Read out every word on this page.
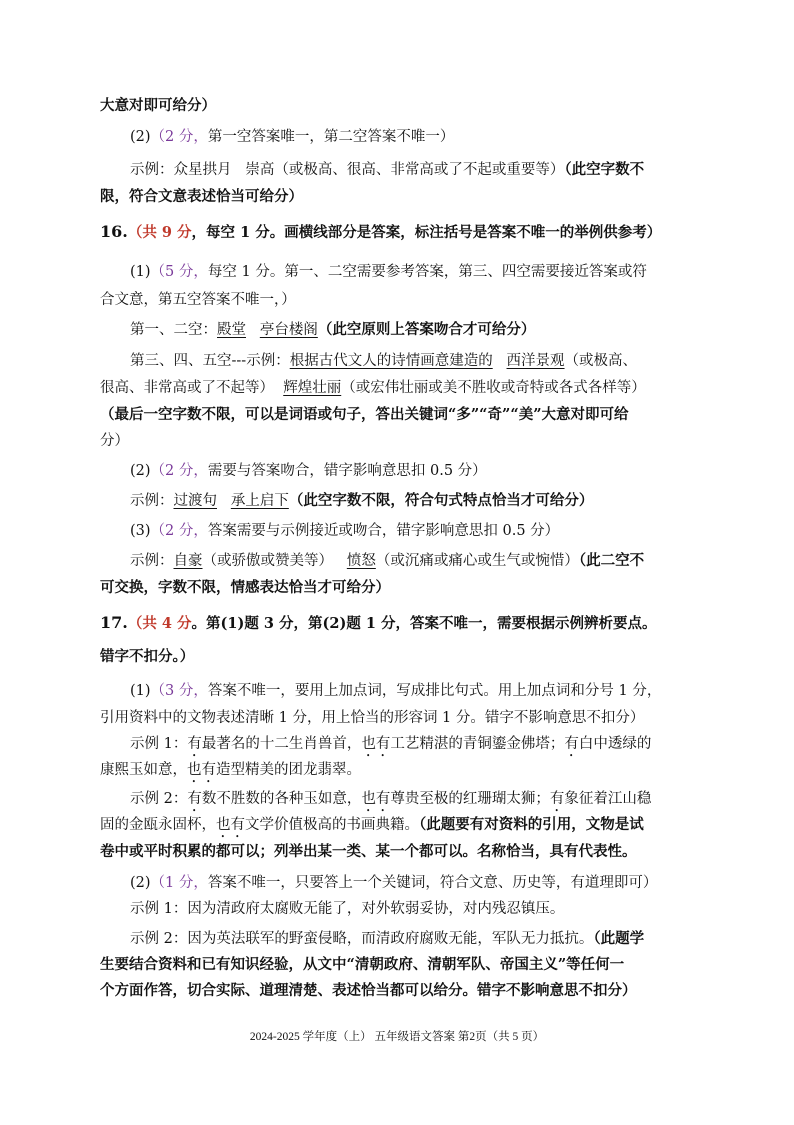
大意对即可给分）
(2)（2 分，第一空答案唯一，第二空答案不唯一）
示例：众星拱月 崇高（或极高、很高、非常高或了不起或重要等）（此空字数不
限，符合文意表述恰当可给分）
16.（共 9 分，每空 1 分。画横线部分是答案，标注括号是答案不唯一的举例供参考）
(1)（5 分，每空 1 分。第一、二空需要参考答案，第三、四空需要接近答案或符
合文意，第五空答案不唯一，）
第一、二空：殿堂 亭台楼阁（此空原则上答案吻合才可给分）
第三、四、五空---示例：根据古代文人的诗情画意建造的 西洋景观（或极高、
很高、非常高或了不起等） 辉煌壮丽（或宏伟壮丽或美不胜收或奇特或各式各样等）
（最后一空字数不限，可以是词语或句子，答出关键词“多”“奇”“美”大意对即可给
分）
(2)（2 分，需要与答案吻合，错字影响意思扣 0.5 分）
示例：过渡句 承上启下（此空字数不限，符合句式特点恰当才可给分）
(3)（2 分，答案需要与示例接近或吻合，错字影响意思扣 0.5 分）
示例：自豪（或骄傲或赞美等） 愤怒（或沉痛或痛心或生气或惋惜）（此二空不
可交换，字数不限，情感表达恰当才可给分）
17.（共 4 分。第(1)题 3 分，第(2)题 1 分，答案不唯一，需要根据示例辨析要点。
错字不扣分。）
(1)（3 分，答案不唯一，要用上加点词，写成排比句式。用上加点词和分号 1 分，
引用资料中的文物表述清晰 1 分，用上恰当的形容词 1 分。错字不影响意思不扣分）
示例 1：有最著名的十二生肖兽首，也有工艺精湛的青铜鎏金佛塔；有白中透绿的
康熙玉如意，也有造型精美的团龙翡翠。
示例 2：有数不胜数的各种玉如意，也有尊贵至极的红珊瑚太狮；有象征着江山稳
固的金瓯永固杯，也有文学价值极高的书画典籍。（此题要有对资料的引用，文物是试
卷中或平时积累的都可以；列举出某一类、某一个都可以。名称恰当，具有代表性。
(2)（1 分，答案不唯一，只要答上一个关键词，符合文意、历史等，有道理即可）
示例 1：因为清政府太腐败无能了，对外软弱妥协，对内残忍镇压。
示例 2：因为英法联军的野蛮侵略，而清政府腐败无能，军队无力抵抗。（此题学
生要结合资料和已有知识经验，从文中“清朝政府、清朝军队、帝国主义”等任何一
个方面作答，切合实际、道理清楚、表述恰当都可以给分。错字不影响意思不扣分）
2024-2025 学年度（上） 五年级语文答案 第2页（共 5 页）
